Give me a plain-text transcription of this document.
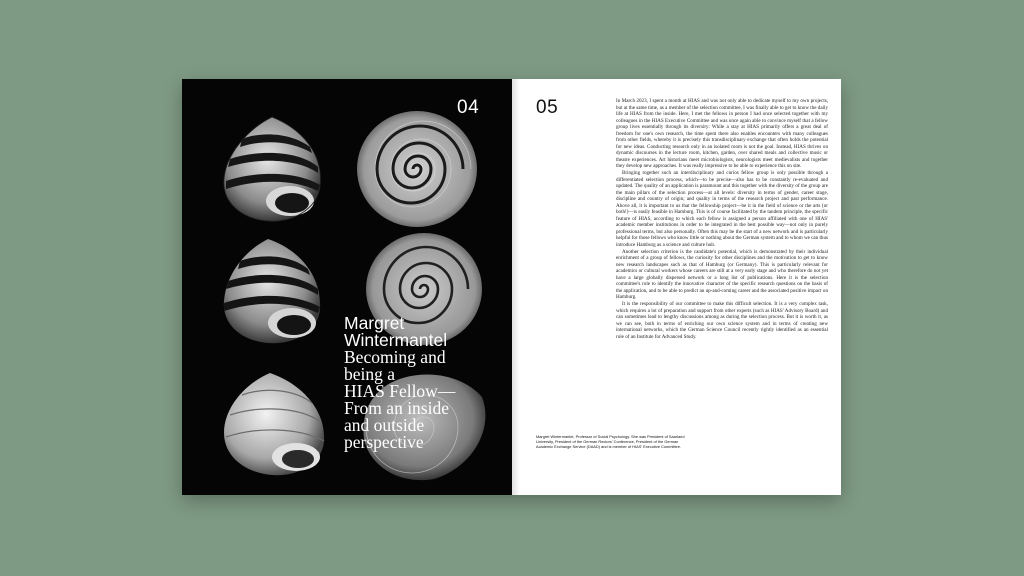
04

Margret Wintermantel

Becoming and

being a

HIAS Fellow—

From an inside

and outside

perspective

05	In March 2023, I spent a month at HIAS and was not only able to dedicate myself to my own projects, but at the same time, as a member of the selection committee, I was finally able to get to know the daily life at HIAS from the inside. Here, I met the fellows in person I had once selected together with my colleagues in the HIAS Executive Committee and was once again able to convince myself that a fellow group lives essentially through its diversity: While a stay at HIAS primarily offers a great deal of freedom for one's own research, the time spent there also enables encounters with many colleagues from other fields, whereby it is precisely this transdisciplinary exchange that often holds the potential for new ideas. Conducting research only in an isolated room is not the goal. Instead, HIAS thrives on dynamic discourses in the lecture room, kitchen, garden, over shared meals and collective music or theatre experiences. Art historians meet microbiologists, neurologists meet medievalists and together they develop new approaches. It was really impressive to be able to experience this on site.

Bringing together such an interdisciplinary and curios fellow group is only possible through a differentiated selection process, which—to be precise—also has to be constantly re-evaluated and updated. The quality of an application is paramount and this together with the diversity of the group are the main pillars of the selection process—at all levels: diversity in terms of gender, career stage, discipline and country of origin; and quality in terms of the research project and past performance. Above all, it is important to us that the fellowship project—be it in the field of science or the arts (or both!)—is easily feasible in Hamburg. This is of course facilitated by the tandem principle, the specific feature of HIAS, according to which each fellow is assigned a person affiliated with one of HIAS' academic member institutions in order to be integrated in the best possible way—not only in purely professional terms, but also personally. Often this may be the start of a new network and is particularly helpful for those fellows who know little or nothing about the German system and to whom we can thus introduce Hamburg as a science and culture hub.

Another selection criterion is the candidate's potential, which is demonstrated by their individual enrichment of a group of fellows, the curiosity for other disciplines and the motivation to get to know new research landscapes such as that of Hamburg (or Germany). This is particularly relevant for academics or cultural workers whose careers are still at a very early stage and who therefore do not yet have a large globally dispersed network or a long list of publications. Here it is the selection committee's role to identify the innovative character of the specific research questions on the basis of the application, and to be able to predict an up-and-coming career and the associated positive impact on Hamburg.

It is the responsibility of our committee to make this difficult selection. It is a very complex task, which requires a lot of preparation and support from other experts (such as HIAS' Advisory Board) and can sometimes lead to lengthy discussions among as during the selection process. But it is worth it, as we can see, both in terms of enriching our own science system and in terms of creating new international networks, which the German Science Council recently rightly identified as an essential role of an Institute for Advanced Study.

Margret Wintermantel, Professor of Social Psychology. She was President of Saarland University, President of the German Rectors' Conference, President of the German Academic Exchange Service (DAAD) and is member of HIAS' Executive Committee.
